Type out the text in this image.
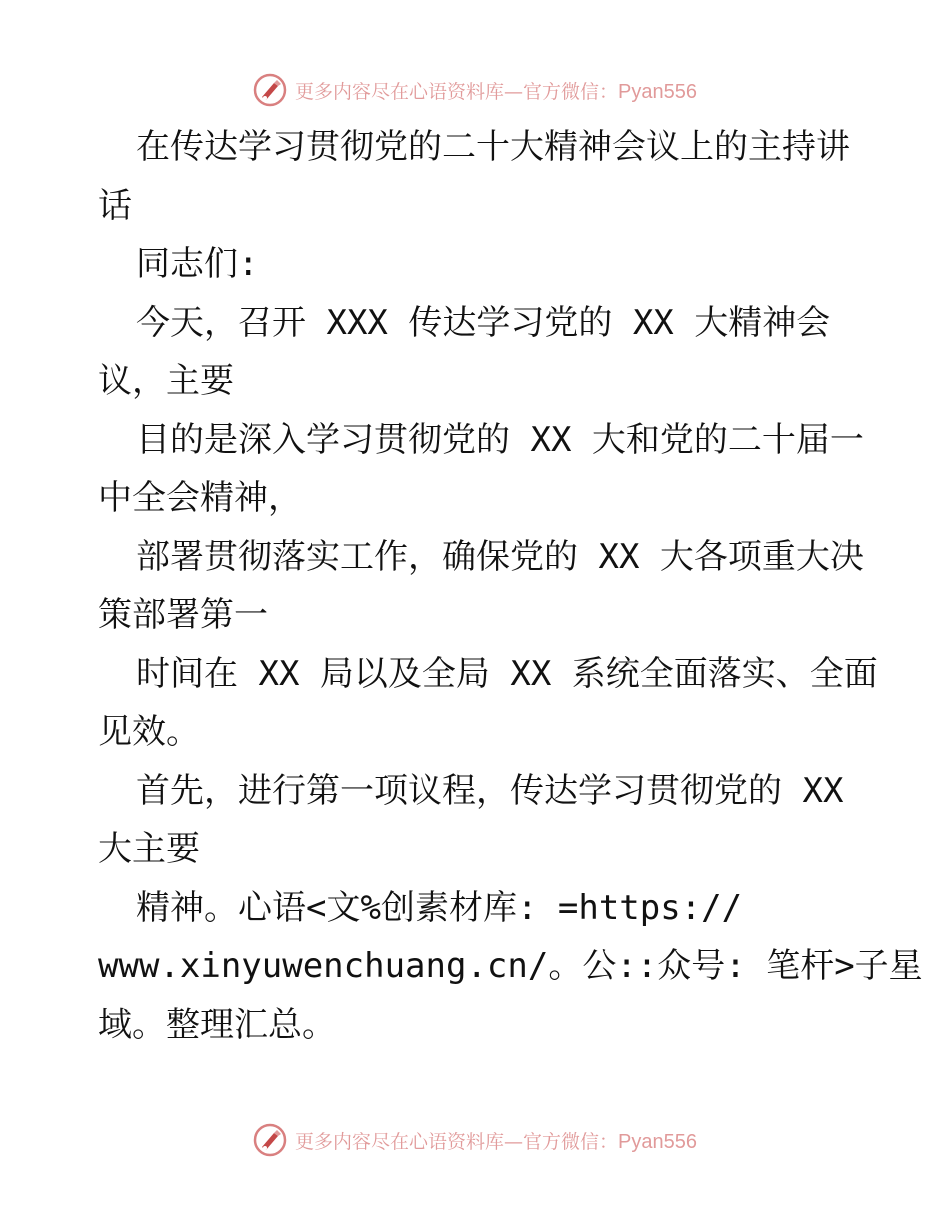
更多内容尽在心语资料库—官方微信：Pyan556
在传达学习贯彻党的二十大精神会议上的主持讲
话
同志们:
今天，召开 XXX 传达学习党的 XX 大精神会
议，主要
目的是深入学习贯彻党的 XX 大和党的二十届一
中全会精神，
部署贯彻落实工作，确保党的 XX 大各项重大决
策部署第一
时间在 XX 局以及全局 XX 系统全面落实、全面
见效。
首先，进行第一项议程，传达学习贯彻党的 XX
大主要
精神。心语<文%创素材库: =https://
www.xinyuwenchuang.cn/。公::众号: 笔杆>子星
域。整理汇总。
更多内容尽在心语资料库—官方微信：Pyan556
